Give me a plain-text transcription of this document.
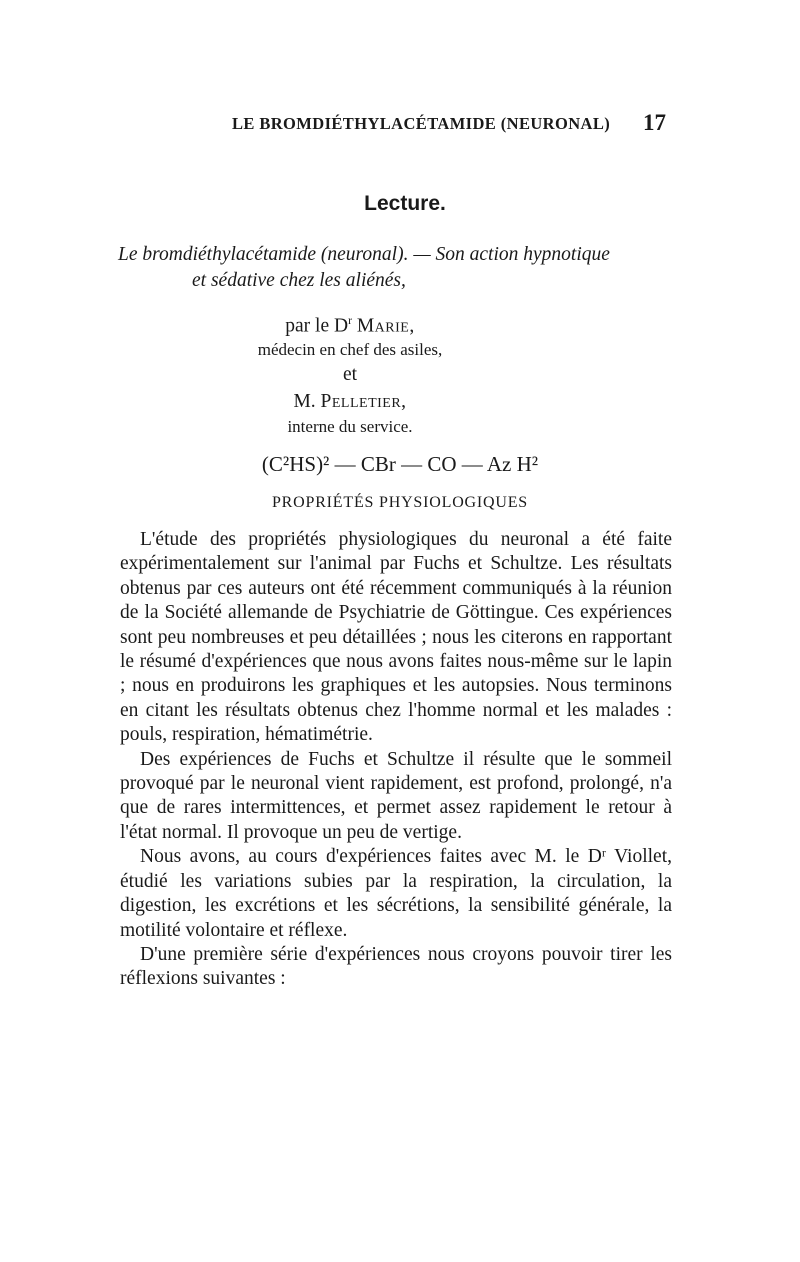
LE BROMDIÉTHYLACÉTAMIDE (NEURONAL) 17
Lecture.
Le bromdiéthylacétamide (neuronal). — Son action hypnotique
et sédative chez les aliénés,
par le $D^r$ Marie,
médecin en chef des asiles,
et
M. Pelletier,
interne du service.
(C²HS)² — CBr — CO — Az H²
PROPRIÉTÉS PHYSIOLOGIQUES

L'étude des propriétés physiologiques du neuronal a été faite expérimentalement sur l'animal par Fuchs et Schultze. Les résultats obtenus par ces auteurs ont été récemment communiqués à la réunion de la Société allemande de Psychiatrie de Göttingue. Ces expériences sont peu nombreuses et peu détaillées ; nous les citerons en rapportant le résumé d'expériences que nous avons faites nous-même sur le lapin ; nous en produirons les graphiques et les autopsies. Nous terminons en citant les résultats obtenus chez l'homme normal et les malades : pouls, respiration, hématimétrie.

Des expériences de Fuchs et Schultze il résulte que le sommeil provoqué par le neuronal vient rapidement, est profond, prolongé, n'a que de rares intermittences, et permet assez rapidement le retour à l'état normal. Il provoque un peu de vertige.

Nous avons, au cours d'expériences faites avec M. le Dʳ Viollet, étudié les variations subies par la respiration, la circulation, la digestion, les excrétions et les sécrétions, la sensibilité générale, la motilité volontaire et réflexe.

D'une première série d'expériences nous croyons pouvoir tirer les réflexions suivantes :
